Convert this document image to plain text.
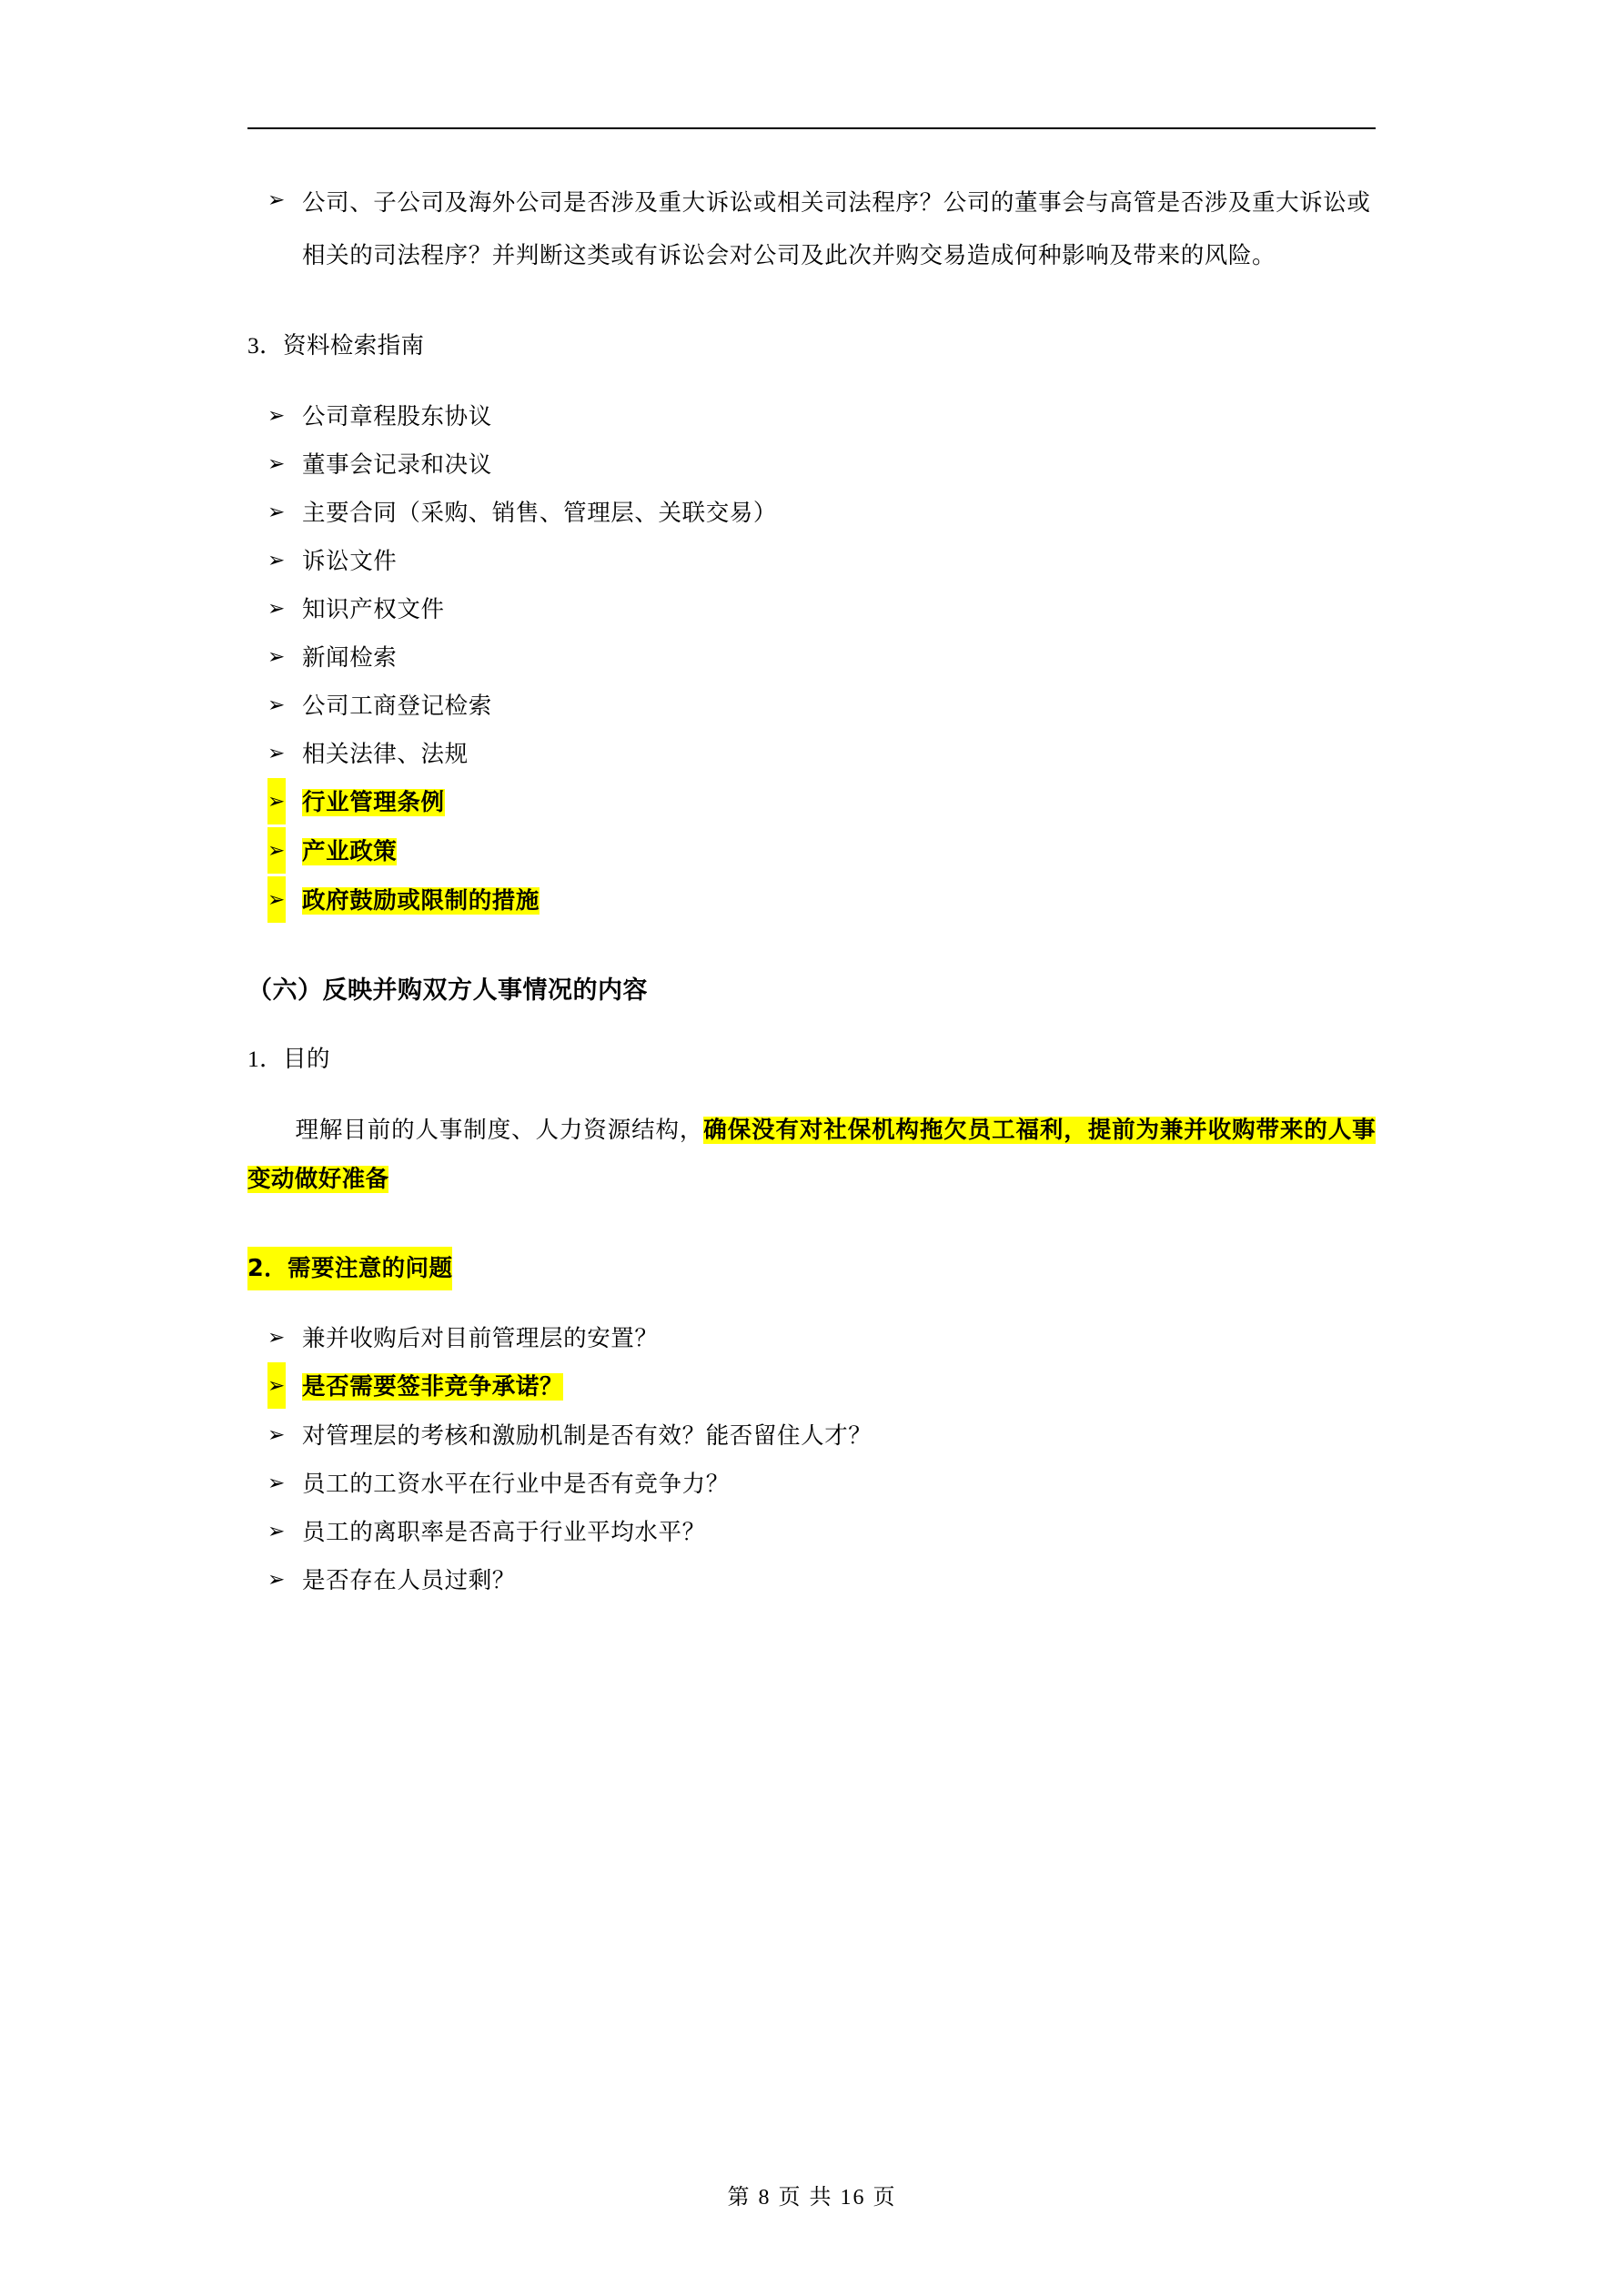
➢ 公司、子公司及海外公司是否涉及重大诉讼或相关司法程序？公司的董事会与高管是否涉及重大诉讼或相关的司法程序？并判断这类或有诉讼会对公司及此次并购交易造成何种影响及带来的风险。

3．资料检索指南

➢ 公司章程股东协议
➢ 董事会记录和决议
➢ 主要合同（采购、销售、管理层、关联交易）
➢ 诉讼文件
➢ 知识产权文件
➢ 新闻检索
➢ 公司工商登记检索
➢ 相关法律、法规
➢ 行业管理条例
➢ 产业政策
➢ 政府鼓励或限制的措施

（六）反映并购双方人事情况的内容

1．目的

理解目前的人事制度、人力资源结构，确保没有对社保机构拖欠员工福利，提前为兼并收购带来的人事变动做好准备

2．需要注意的问题

➢ 兼并收购后对目前管理层的安置？
➢ 是否需要签非竞争承诺？
➢ 对管理层的考核和激励机制是否有效？能否留住人才？
➢ 员工的工资水平在行业中是否有竞争力？
➢ 员工的离职率是否高于行业平均水平？
➢ 是否存在人员过剩？
第 8 页 共 16 页
